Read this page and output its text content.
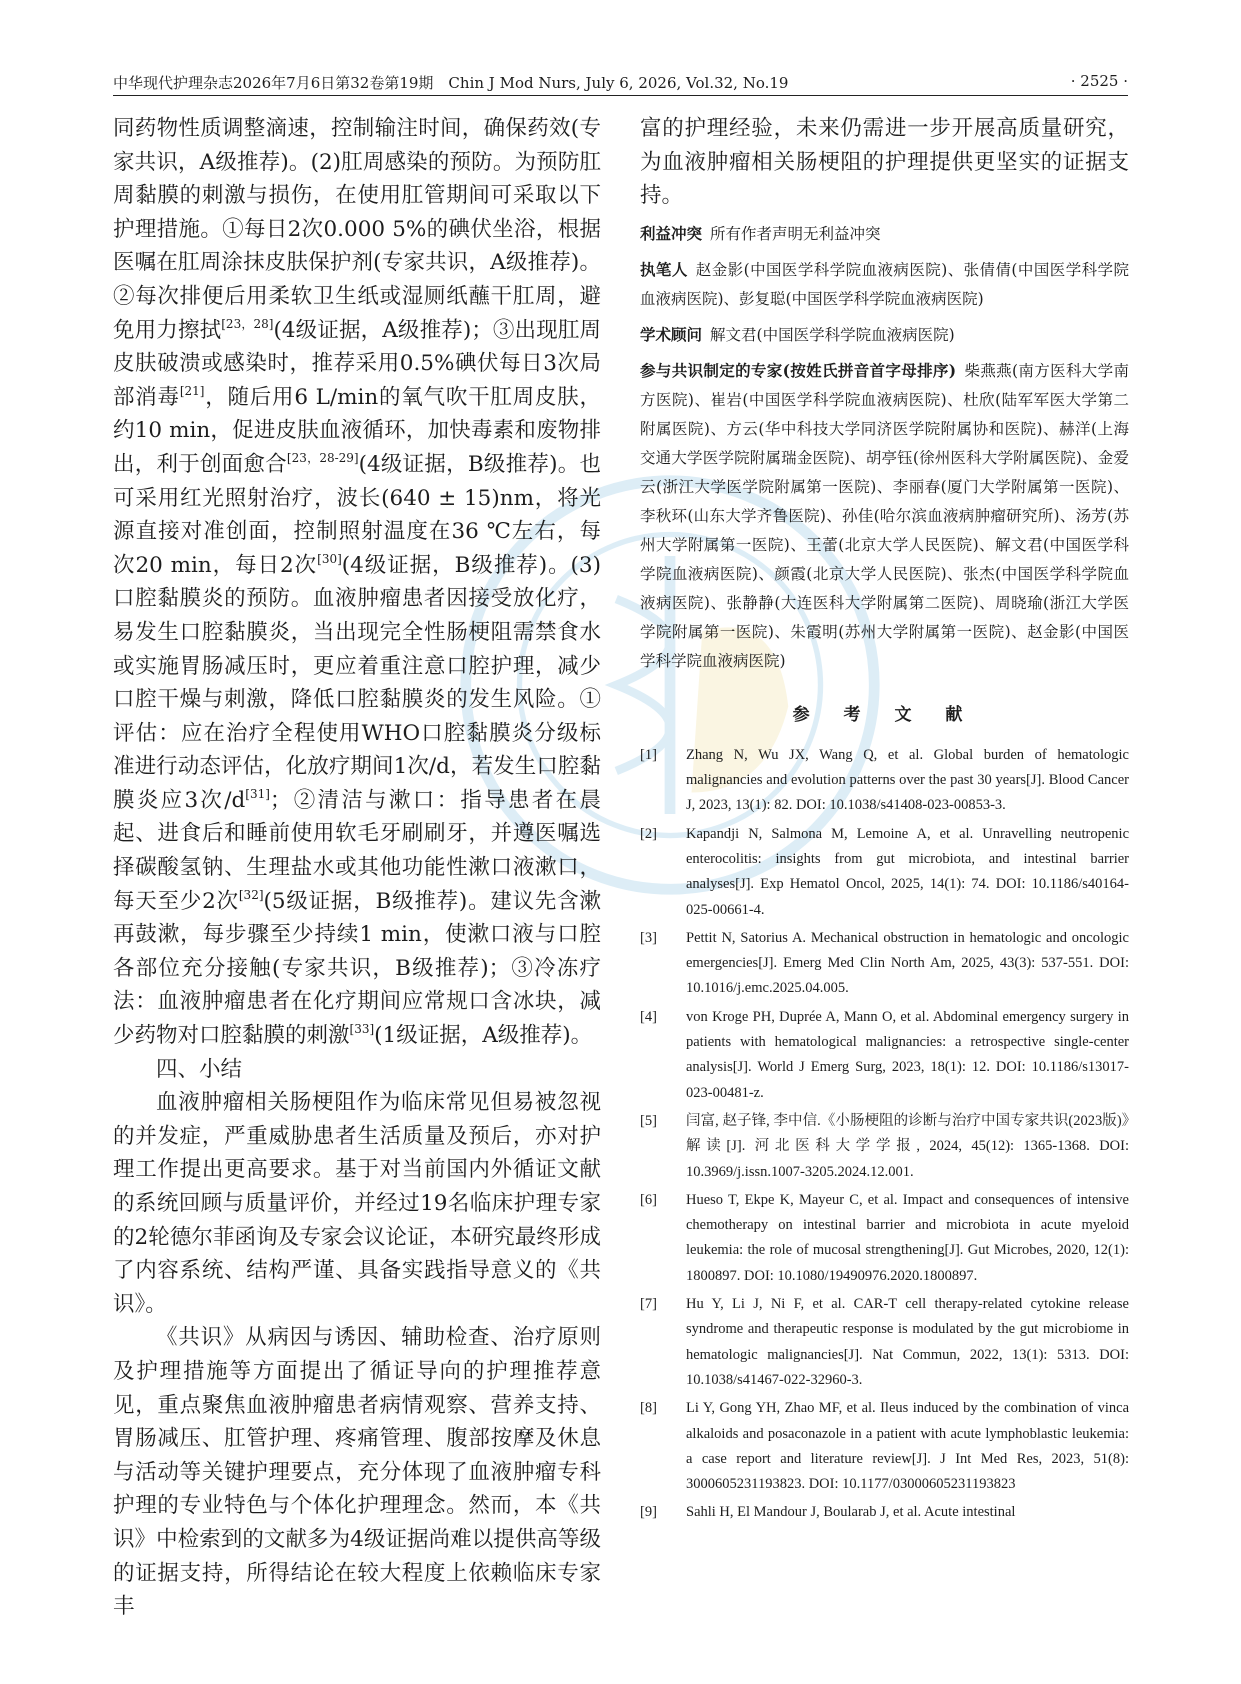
中华现代护理杂志2026年7月6日第32卷第19期　Chin J Mod Nurs, July 6, 2026, Vol.32, No.19	· 2525 ·

同药物性质调整滴速，控制输注时间，确保药效(专家共识，A级推荐)。(2)肛周感染的预防。为预防肛周黏膜的刺激与损伤，在使用肛管期间可采取以下护理措施。①每日2次0.000 5%的碘伏坐浴，根据医嘱在肛周涂抹皮肤保护剂(专家共识，A级推荐)。②每次排便后用柔软卫生纸或湿厕纸蘸干肛周，避免用力擦拭[23，28](4级证据，A级推荐)；③出现肛周皮肤破溃或感染时，推荐采用0.5%碘伏每日3次局部消毒[21]，随后用6 L/min的氧气吹干肛周皮肤，约10 min，促进皮肤血液循环，加快毒素和废物排出，利于创面愈合[23，28-29](4级证据，B级推荐)。也可采用红光照射治疗，波长(640 ± 15)nm，将光源直接对准创面，控制照射温度在36 ℃左右，每次20 min，每日2次[30](4级证据，B级推荐)。(3)口腔黏膜炎的预防。血液肿瘤患者因接受放化疗，易发生口腔黏膜炎，当出现完全性肠梗阻需禁食水或实施胃肠减压时，更应着重注意口腔护理，减少口腔干燥与刺激，降低口腔黏膜炎的发生风险。①评估：应在治疗全程使用WHO口腔黏膜炎分级标准进行动态评估，化放疗期间1次/d，若发生口腔黏膜炎应3次/d[31]；②清洁与漱口：指导患者在晨起、进食后和睡前使用软毛牙刷刷牙，并遵医嘱选择碳酸氢钠、生理盐水或其他功能性漱口液漱口，每天至少2次[32](5级证据，B级推荐)。建议先含漱再鼓漱，每步骤至少持续1 min，使漱口液与口腔各部位充分接触(专家共识，B级推荐)；③冷冻疗法：血液肿瘤患者在化疗期间应常规口含冰块，减少药物对口腔黏膜的刺激[33](1级证据，A级推荐)。

四、小结

血液肿瘤相关肠梗阻作为临床常见但易被忽视的并发症，严重威胁患者生活质量及预后，亦对护理工作提出更高要求。基于对当前国内外循证文献的系统回顾与质量评价，并经过19名临床护理专家的2轮德尔菲函询及专家会议论证，本研究最终形成了内容系统、结构严谨、具备实践指导意义的《共识》。

《共识》从病因与诱因、辅助检查、治疗原则及护理措施等方面提出了循证导向的护理推荐意见，重点聚焦血液肿瘤患者病情观察、营养支持、胃肠减压、肛管护理、疼痛管理、腹部按摩及休息与活动等关键护理要点，充分体现了血液肿瘤专科护理的专业特色与个体化护理理念。然而，本《共识》中检索到的文献多为4级证据尚难以提供高等级的证据支持，所得结论在较大程度上依赖临床专家丰

富的护理经验，未来仍需进一步开展高质量研究，为血液肿瘤相关肠梗阻的护理提供更坚实的证据支持。

利益冲突 所有作者声明无利益冲突
执笔人 赵金影(中国医学科学院血液病医院)、张倩倩(中国医学科学院血液病医院)、彭复聪(中国医学科学院血液病医院)
学术顾问 解文君(中国医学科学院血液病医院)
参与共识制定的专家(按姓氏拼音首字母排序) 柴燕燕(南方医科大学南方医院)、崔岩(中国医学科学院血液病医院)、杜欣(陆军军医大学第二附属医院)、方云(华中科技大学同济医学院附属协和医院)、赫洋(上海交通大学医学院附属瑞金医院)、胡亭钰(徐州医科大学附属医院)、金爱云(浙江大学医学院附属第一医院)、李丽春(厦门大学附属第一医院)、李秋环(山东大学齐鲁医院)、孙佳(哈尔滨血液病肿瘤研究所)、汤芳(苏州大学附属第一医院)、王蕾(北京大学人民医院)、解文君(中国医学科学院血液病医院)、颜霞(北京大学人民医院)、张杰(中国医学科学院血液病医院)、张静静(大连医科大学附属第二医院)、周晓瑜(浙江大学医学院附属第一医院)、朱霞明(苏州大学附属第一医院)、赵金影(中国医学科学院血液病医院)
参 考 文 献
[1]	Zhang N, Wu JX, Wang Q, et al. Global burden of hematologic malignancies and evolution patterns over the past 30 years[J]. Blood Cancer J, 2023, 13(1): 82. DOI: 10.1038/s41408-023-00853-3.
[2]	Kapandji N, Salmona M, Lemoine A, et al. Unravelling neutropenic enterocolitis: insights from gut microbiota, and intestinal barrier analyses[J]. Exp Hematol Oncol, 2025, 14(1): 74. DOI: 10.1186/s40164-025-00661-4.
[3]	Pettit N, Satorius A. Mechanical obstruction in hematologic and oncologic emergencies[J]. Emerg Med Clin North Am, 2025, 43(3): 537-551. DOI: 10.1016/j.emc.2025.04.005.
[4]	von Kroge PH, Duprée A, Mann O, et al. Abdominal emergency surgery in patients with hematological malignancies: a retrospective single-center analysis[J]. World J Emerg Surg, 2023, 18(1): 12. DOI: 10.1186/s13017-023-00481-z.
[5]	闫富, 赵子锋, 李中信.《小肠梗阻的诊断与治疗中国专家共识(2023版)》解读[J]. 河北医科大学学报, 2024, 45(12): 1365-1368. DOI: 10.3969/j.issn.1007-3205.2024.12.001.
[6]	Hueso T, Ekpe K, Mayeur C, et al. Impact and consequences of intensive chemotherapy on intestinal barrier and microbiota in acute myeloid leukemia: the role of mucosal strengthening[J]. Gut Microbes, 2020, 12(1): 1800897. DOI: 10.1080/19490976.2020.1800897.
[7]	Hu Y, Li J, Ni F, et al. CAR-T cell therapy-related cytokine release syndrome and therapeutic response is modulated by the gut microbiome in hematologic malignancies[J]. Nat Commun, 2022, 13(1): 5313. DOI: 10.1038/s41467-022-32960-3.
[8]	Li Y, Gong YH, Zhao MF, et al. Ileus induced by the combination of vinca alkaloids and posaconazole in a patient with acute lymphoblastic leukemia: a case report and literature review[J]. J Int Med Res, 2023, 51(8): 3000605231193823. DOI: 10.1177/03000605231193823
[9]	Sahli H, El Mandour J, Boularab J, et al. Acute intestinal
